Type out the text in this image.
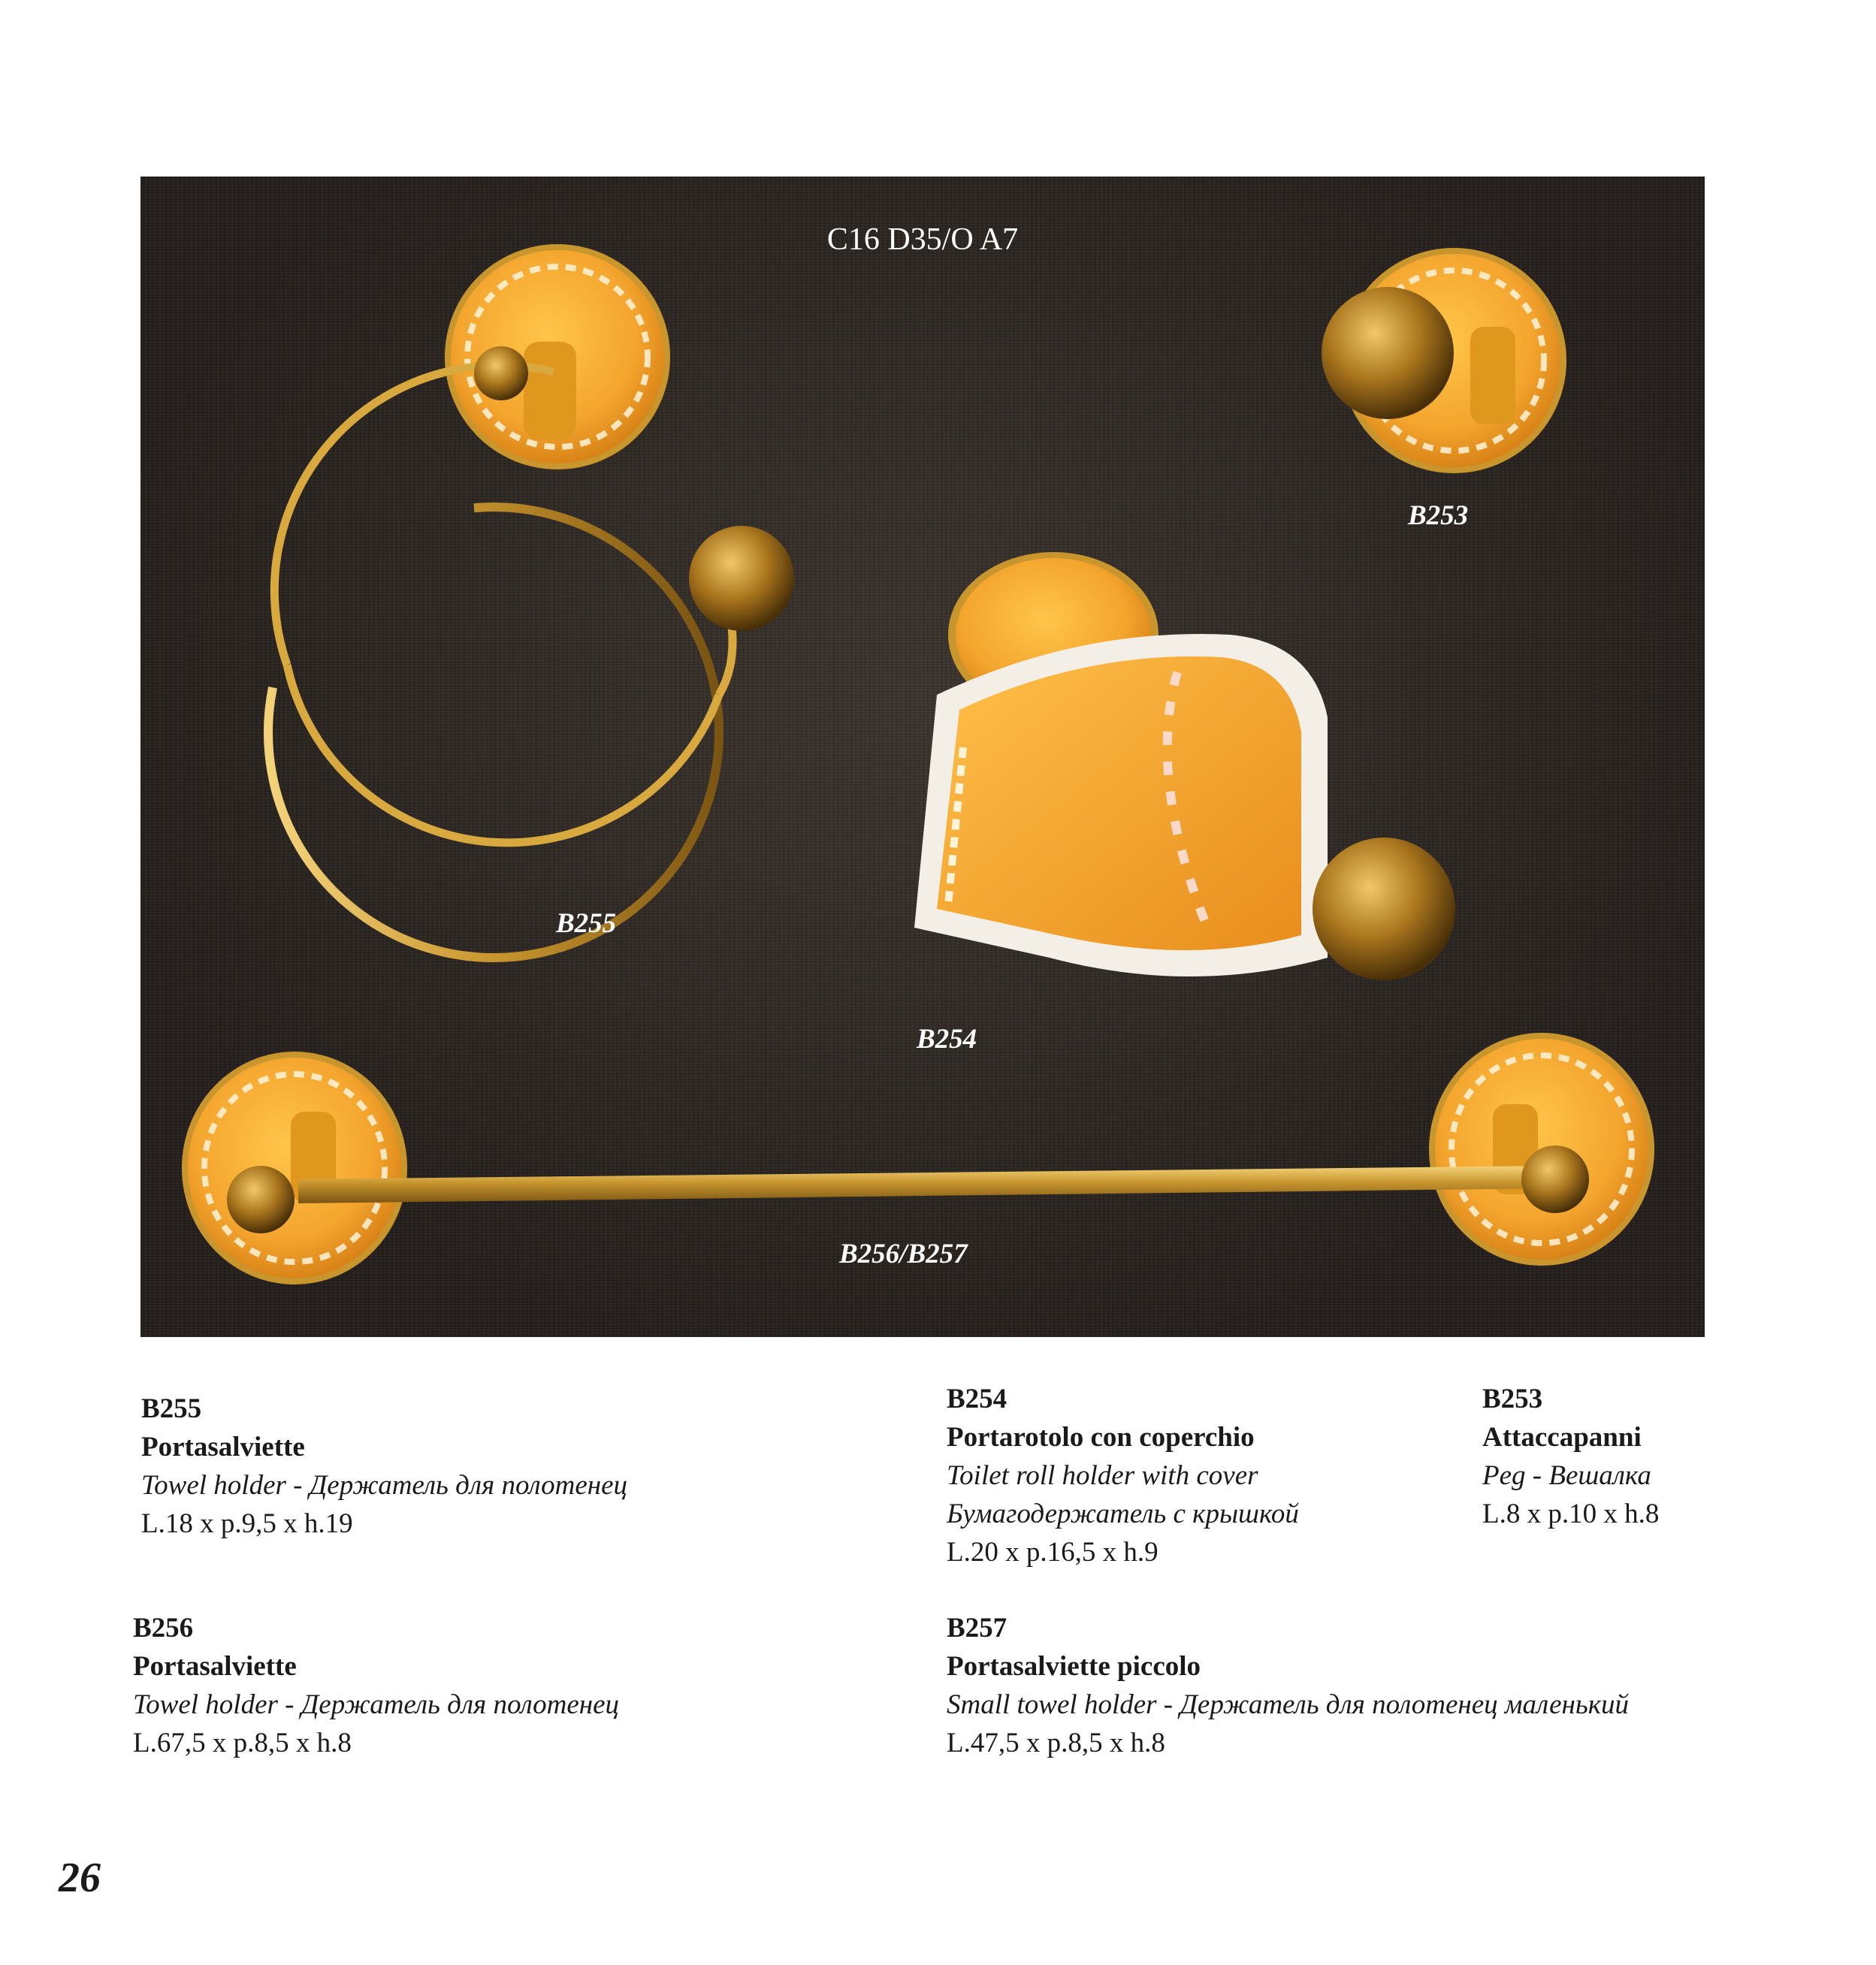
C16 D35/O A7
B253
B255
B254
B256/B257
B255
Portasalviette
Towel holder - Держатель для полотенец
L.18 x p.9,5 x h.19
B254
Portarotolo con coperchio
Toilet roll holder with cover
Бумагодержатель с крышкой
L.20 x p.16,5 x h.9
B253
Attaccapanni
Peg - Вешалка
L.8 x p.10 x h.8
B256
Portasalviette
Towel holder - Держатель для полотенец
L.67,5 x p.8,5 x h.8
B257
Portasalviette piccolo
Small towel holder - Держатель для полотенец маленький
L.47,5 x p.8,5 x h.8
26
